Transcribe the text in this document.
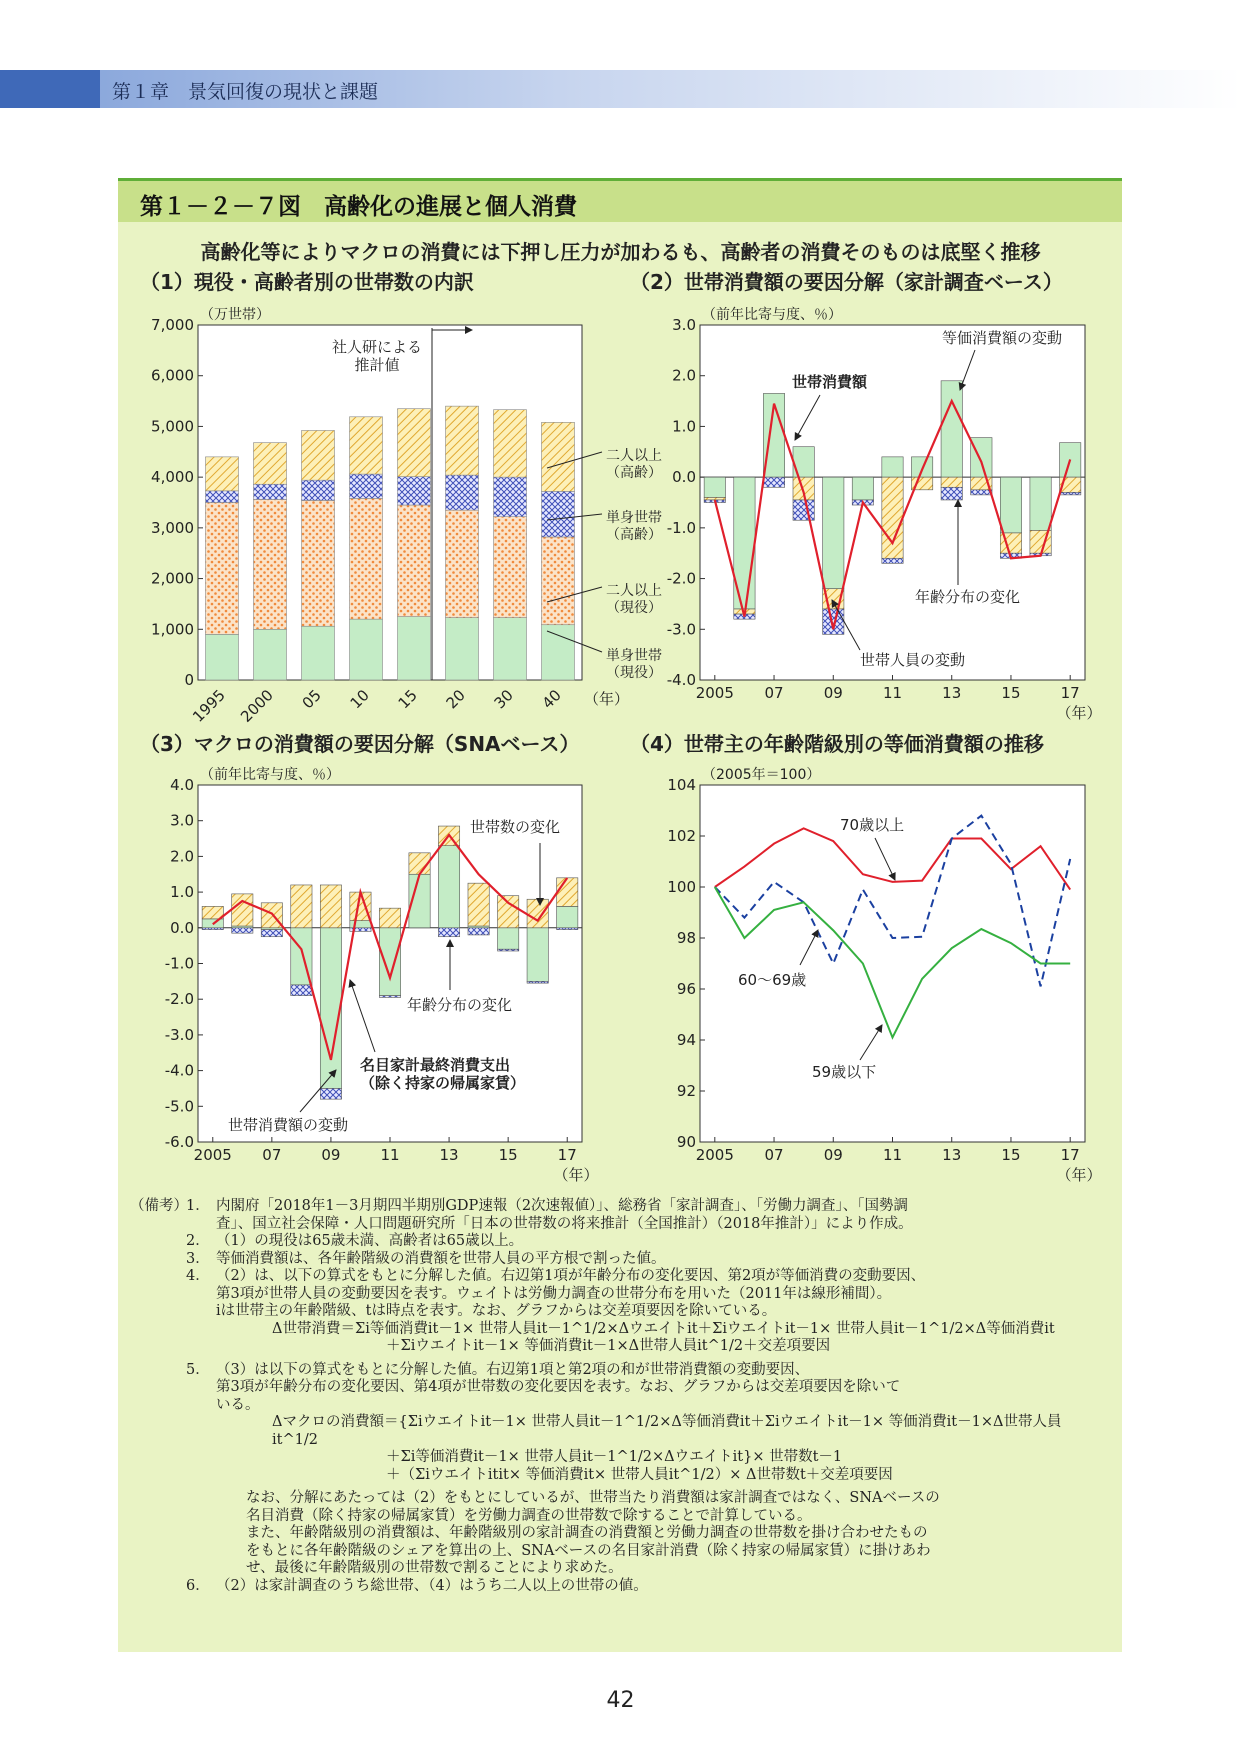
第１章　景気回復の現状と課題
第１－２－７図　高齢化の進展と個人消費
高齢化等によりマクロの消費には下押し圧力が加わるも、高齢者の消費そのものは底堅く推移
（1）現役・高齢者別の世帯数の内訳	（2）世帯消費額の要因分解（家計調査ベース）
（3）マクロの消費額の要因分解（SNAベース）	（4）世帯主の年齢階級別の等価消費額の推移
0
1,000
2,000
3,000
4,000
5,000
6,000
7,000
（万世帯）
1995 2000 05 10 15 20 30 40 （年）
社人研による
推計値
単身世帯
（現役）
二人以上
（現役）
単身世帯
（高齢）
二人以上
（高齢）
-4.0
-3.0
-2.0
-1.0
0.0
1.0
2.0
3.0
（前年比寄与度、％）
2005 07	09	11	13	15	17
（年）
等価消費額の変動
世帯人員の変動
年齢分布の変化
世帯消費額
-6.0
-5.0
-4.0
-3.0
-2.0
-1.0
0.0
1.0
2.0
3.0
4.0
（前年比寄与度、％）
2005 07	09	11	13	15	17
（年）
世帯消費額の変動
世帯数の変化
年齢分布の変化
名目家計最終消費支出
（除く持家の帰属家賃）
90
92
94
96
98
100
102
104
（2005年＝100）
2005 07	09	11	13	15	17
（年）
70歳以上
60～69歳
59歳以下
（備考）
1． 内閣府「2018年1－3月期四半期別GDP速報（2次速報値）」、総務省「家計調査」、「労働力調査」、「国勢調
査」、国立社会保障・人口問題研究所「日本の世帯数の将来推計（全国推計）（2018年推計）」により作成。
2． （1）の現役は65歳未満、高齢者は65歳以上。
3． 等価消費額は、各年齢階級の消費額を世帯人員の平方根で割った値。
4． （2）は、以下の算式をもとに分解した値。右辺第1項が年齢分布の変化要因、第2項が等価消費の変動要因、
第3項が世帯人員の変動要因を表す。ウェイトは労働力調査の世帯分布を用いた（2011年は線形補間）。
iは世帯主の年齢階級、tは時点を表す。なお、グラフからは交差項要因を除いている。
Δ世帯消費＝Σi等価消費it－1× 世帯人員it－1^1/2×Δウエイトit＋Σiウエイトit－1× 世帯人員it－1^1/2×Δ等価消費it
＋Σiウエイトit－1× 等価消費it－1×Δ世帯人員it^1/2＋交差項要因
5． （3）は以下の算式をもとに分解した値。右辺第1項と第2項の和が世帯消費額の変動要因、
第3項が年齢分布の変化要因、第4項が世帯数の変化要因を表す。なお、グラフからは交差項要因を除いて
いる。
Δマクロの消費額＝{Σiウエイトit－1× 世帯人員it－1^1/2×Δ等価消費it＋Σiウエイトit－1× 等価消費it－1×Δ世帯人員it^1/2
＋Σi等価消費it－1× 世帯人員it－1^1/2×Δウエイトit}× 世帯数t－1
＋（Σiウエイトitit× 等価消費it× 世帯人員it^1/2）× Δ世帯数t＋交差項要因
なお、分解にあたっては（2）をもとにしているが、世帯当たり消費額は家計調査ではなく、SNAベースの
名目消費（除く持家の帰属家賃）を労働力調査の世帯数で除することで計算している。
また、年齢階級別の消費額は、年齢階級別の家計調査の消費額と労働力調査の世帯数を掛け合わせたもの
をもとに各年齢階級のシェアを算出の上、SNAベースの名目家計消費（除く持家の帰属家賃）に掛けあわ
せ、最後に年齢階級別の世帯数で割ることにより求めた。
6． （2）は家計調査のうち総世帯、（4）はうち二人以上の世帯の値。
42
